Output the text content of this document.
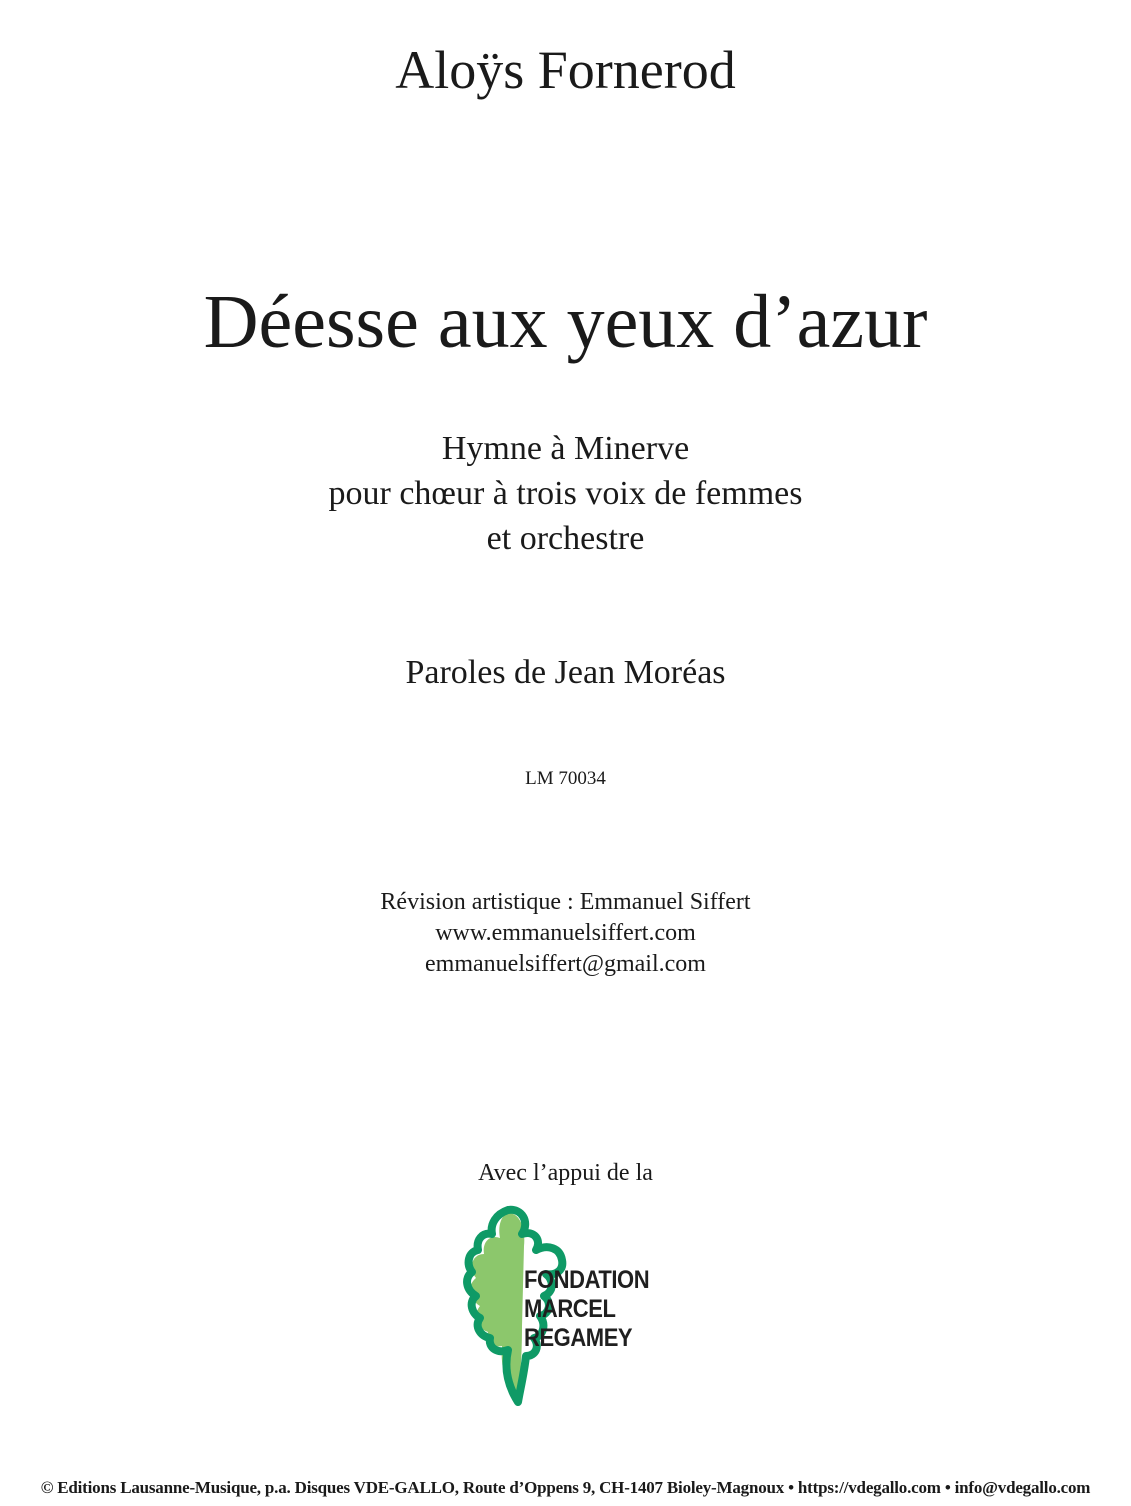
Aloÿs Fornerod
Déesse aux yeux d’azur
Hymne à Minerve
pour chœur à trois voix de femmes
et orchestre
Paroles de Jean Moréas
LM 70034
Révision artistique : Emmanuel Siffert
www.emmanuelsiffert.com
emmanuelsiffert@gmail.com
Avec l’appui de la
FONDATION
MARCEL
REGAMEY
© Editions Lausanne-Musique, p.a. Disques VDE-GALLO, Route d’Oppens 9, CH-1407 Bioley-Magnoux • https://vdegallo.com • info@vdegallo.com
